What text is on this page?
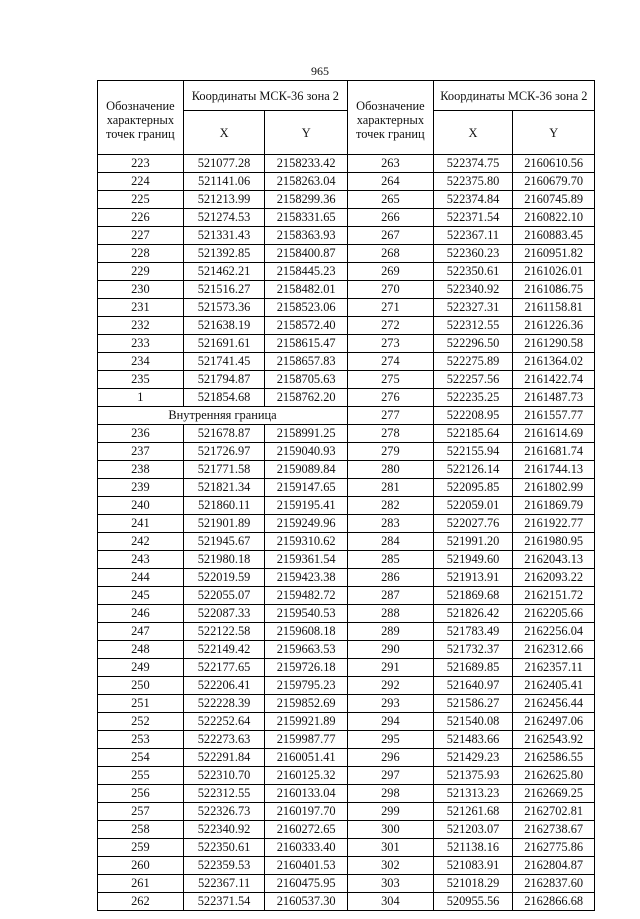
965
Обозначение характерных точек границ	Координаты МСК-36 зона 2	
	X	Y
223	521077.28	2158233.42
224	521141.06	2158263.04
225	521213.99	2158299.36
226	521274.53	2158331.65
227	521331.43	2158363.93
228	521392.85	2158400.87
229	521462.21	2158445.23
230	521516.27	2158482.01
231	521573.36	2158523.06
232	521638.19	2158572.40
233	521691.61	2158615.47
234	521741.45	2158657.83
235	521794.87	2158705.63
1	521854.68	2158762.20
Внутренняя граница		
236	521678.87	2158991.25
237	521726.97	2159040.93
238	521771.58	2159089.84
239	521821.34	2159147.65
240	521860.11	2159195.41
241	521901.89	2159249.96
242	521945.67	2159310.62
243	521980.18	2159361.54
244	522019.59	2159423.38
245	522055.07	2159482.72
246	522087.33	2159540.53
247	522122.58	2159608.18
248	522149.42	2159663.53
249	522177.65	2159726.18
250	522206.41	2159795.23
251	522228.39	2159852.69
252	522252.64	2159921.89
253	522273.63	2159987.77
254	522291.84	2160051.41
255	522310.70	2160125.32
256	522312.55	2160133.04
257	522326.73	2160197.70
258	522340.92	2160272.65
259	522350.61	2160333.40
260	522359.53	2160401.53
261	522367.11	2160475.95
262	522371.54	2160537.30
Обозначение характерных точек границ	Координаты МСК-36 зона 2	
	X	Y
263	522374.75	2160610.56
264	522375.80	2160679.70
265	522374.84	2160745.89
266	522371.54	2160822.10
267	522367.11	2160883.45
268	522360.23	2160951.82
269	522350.61	2161026.01
270	522340.92	2161086.75
271	522327.31	2161158.81
272	522312.55	2161226.36
273	522296.50	2161290.58
274	522275.89	2161364.02
275	522257.56	2161422.74
276	522235.25	2161487.73
277	522208.95	2161557.77
278	522185.64	2161614.69
279	522155.94	2161681.74
280	522126.14	2161744.13
281	522095.85	2161802.99
282	522059.01	2161869.79
283	522027.76	2161922.77
284	521991.20	2161980.95
285	521949.60	2162043.13
286	521913.91	2162093.22
287	521869.68	2162151.72
288	521826.42	2162205.66
289	521783.49	2162256.04
290	521732.37	2162312.66
291	521689.85	2162357.11
292	521640.97	2162405.41
293	521586.27	2162456.44
294	521540.08	2162497.06
295	521483.66	2162543.92
296	521429.23	2162586.55
297	521375.93	2162625.80
298	521313.23	2162669.25
299	521261.68	2162702.81
300	521203.07	2162738.67
301	521138.16	2162775.86
302	521083.91	2162804.87
303	521018.29	2162837.60
304	520955.56	2162866.68
